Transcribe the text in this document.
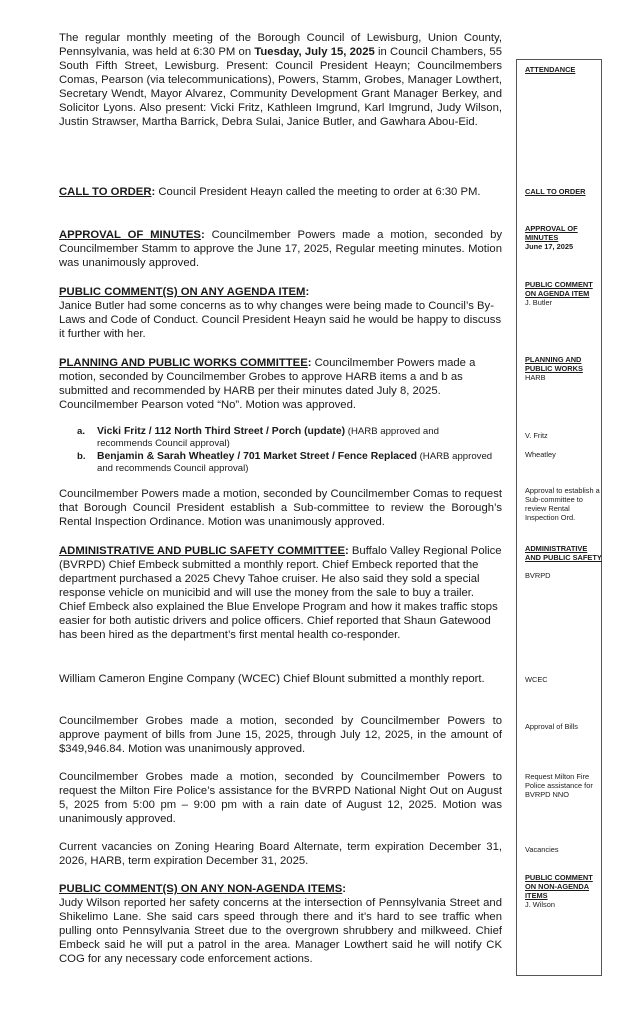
The regular monthly meeting of the Borough Council of Lewisburg, Union County, Pennsylvania, was held at 6:30 PM on Tuesday, July 15, 2025 in Council Chambers, 55 South Fifth Street, Lewisburg. Present: Council President Heayn; Councilmembers Comas, Pearson (via telecommunications), Powers, Stamm, Grobes, Manager Lowthert, Secretary Wendt, Mayor Alvarez, Community Development Grant Manager Berkey, and Solicitor Lyons. Also present: Vicki Fritz, Kathleen Imgrund, Karl Imgrund, Judy Wilson, Justin Strawser, Martha Barrick, Debra Sulai, Janice Butler, and Gawhara Abou-Eid.

CALL TO ORDER: Council President Heayn called the meeting to order at 6:30 PM.

APPROVAL OF MINUTES: Councilmember Powers made a motion, seconded by Councilmember Stamm to approve the June 17, 2025, Regular meeting minutes. Motion was unanimously approved.

PUBLIC COMMENT(S) ON ANY AGENDA ITEM:
Janice Butler had some concerns as to why changes were being made to Council’s By-Laws and Code of Conduct. Council President Heayn said he would be happy to discuss it further with her.

PLANNING AND PUBLIC WORKS COMMITTEE: Councilmember Powers made a motion, seconded by Councilmember Grobes to approve HARB items a and b as submitted and recommended by HARB per their minutes dated July 8, 2025. Councilmember Pearson voted “No”. Motion was approved.

a. Vicki Fritz / 112 North Third Street / Porch (update) (HARB approved and recommends Council approval)
b. Benjamin & Sarah Wheatley / 701 Market Street / Fence Replaced (HARB approved and recommends Council approval)

Councilmember Powers made a motion, seconded by Councilmember Comas to request that Borough Council President establish a Sub-committee to review the Borough’s Rental Inspection Ordinance. Motion was unanimously approved.

ADMINISTRATIVE AND PUBLIC SAFETY COMMITTEE: Buffalo Valley Regional Police (BVRPD) Chief Embeck submitted a monthly report. Chief Embeck reported that the department purchased a 2025 Chevy Tahoe cruiser. He also said they sold a special response vehicle on municibid and will use the money from the sale to buy a trailer. Chief Embeck also explained the Blue Envelope Program and how it makes traffic stops easier for both autistic drivers and police officers. Chief reported that Shaun Gatewood has been hired as the department’s first mental health co-responder.

William Cameron Engine Company (WCEC) Chief Blount submitted a monthly report.

Councilmember Grobes made a motion, seconded by Councilmember Powers to approve payment of bills from June 15, 2025, through July 12, 2025, in the amount of $349,946.84. Motion was unanimously approved.

Councilmember Grobes made a motion, seconded by Councilmember Powers to request the Milton Fire Police’s assistance for the BVRPD National Night Out on August 5, 2025 from 5:00 pm – 9:00 pm with a rain date of August 12, 2025. Motion was unanimously approved.

Current vacancies on Zoning Hearing Board Alternate, term expiration December 31, 2026, HARB, term expiration December 31, 2025.

PUBLIC COMMENT(S) ON ANY NON-AGENDA ITEMS:
Judy Wilson reported her safety concerns at the intersection of Pennsylvania Street and Shikelimo Lane. She said cars speed through there and it’s hard to see traffic when pulling onto Pennsylvania Street due to the overgrown shrubbery and milkweed. Chief Embeck said he will put a patrol in the area. Manager Lowthert said he will notify CK COG for any necessary code enforcement actions.

ATTENDANCE
CALL TO ORDER
APPROVAL OF MINUTES
June 17, 2025
PUBLIC COMMENT ON AGENDA ITEM
J. Butler
PLANNING AND PUBLIC WORKS
HARB
V. Fritz
Wheatley
Approval to establish a Sub-committee to review Rental Inspection Ord.
ADMINISTRATIVE AND PUBLIC SAFETY
BVRPD
WCEC
Approval of Bills
Request Milton Fire Police assistance for BVRPD NNO
Vacancies
PUBLIC COMMENT ON NON-AGENDA ITEMS
J. Wilson
